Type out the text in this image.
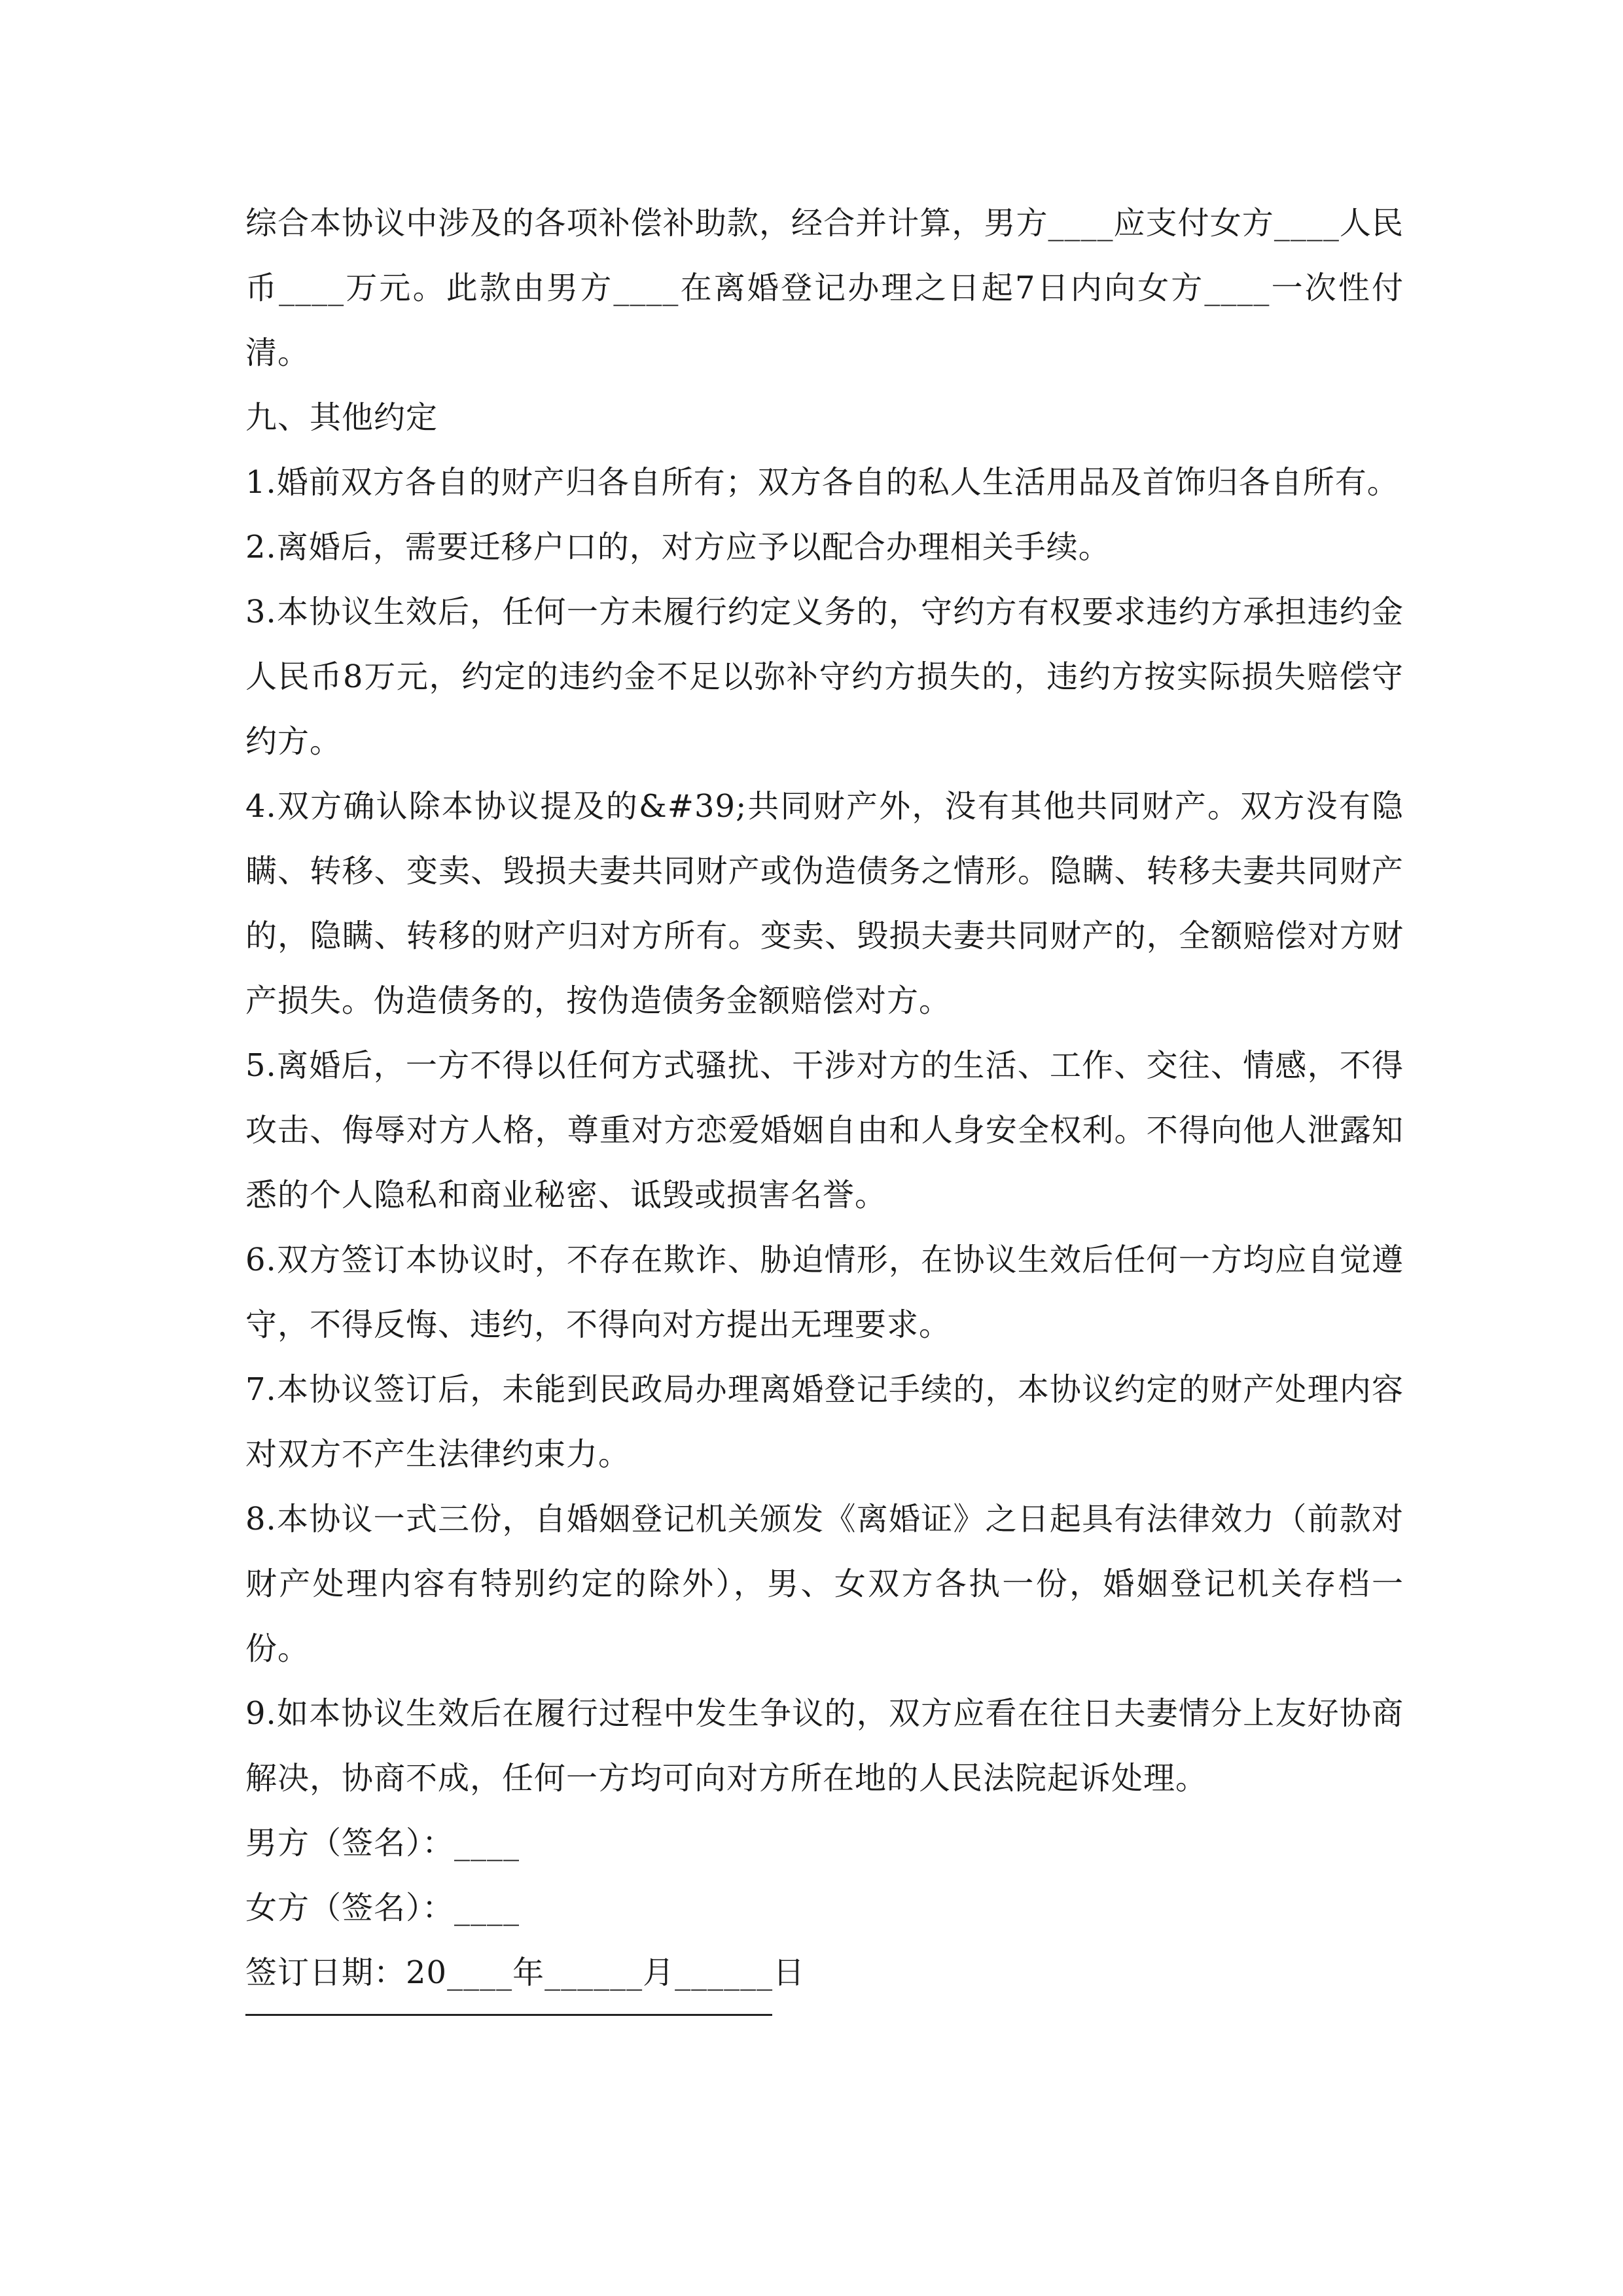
综合本协议中涉及的各项补偿补助款，经合并计算，男方____应支付女方____人民币____万元。此款由男方____在离婚登记办理之日起7日内向女方____一次性付清。

九、其他约定

1.婚前双方各自的财产归各自所有；双方各自的私人生活用品及首饰归各自所有。

2.离婚后，需要迁移户口的，对方应予以配合办理相关手续。

3.本协议生效后，任何一方未履行约定义务的，守约方有权要求违约方承担违约金人民币8万元，约定的违约金不足以弥补守约方损失的，违约方按实际损失赔偿守约方。

4.双方确认除本协议提及的&#39;共同财产外，没有其他共同财产。双方没有隐瞒、转移、变卖、毁损夫妻共同财产或伪造债务之情形。隐瞒、转移夫妻共同财产的，隐瞒、转移的财产归对方所有。变卖、毁损夫妻共同财产的，全额赔偿对方财产损失。伪造债务的，按伪造债务金额赔偿对方。

5.离婚后，一方不得以任何方式骚扰、干涉对方的生活、工作、交往、情感，不得攻击、侮辱对方人格，尊重对方恋爱婚姻自由和人身安全权利。不得向他人泄露知悉的个人隐私和商业秘密、诋毁或损害名誉。

6.双方签订本协议时，不存在欺诈、胁迫情形，在协议生效后任何一方均应自觉遵守，不得反悔、违约，不得向对方提出无理要求。

7.本协议签订后，未能到民政局办理离婚登记手续的，本协议约定的财产处理内容对双方不产生法律约束力。

8.本协议一式三份，自婚姻登记机关颁发《离婚证》之日起具有法律效力（前款对财产处理内容有特别约定的除外），男、女双方各执一份，婚姻登记机关存档一份。

9.如本协议生效后在履行过程中发生争议的，双方应看在往日夫妻情分上友好协商解决，协商不成，任何一方均可向对方所在地的人民法院起诉处理。

男方（签名）：____

女方（签名）：____

签订日期：20____年______月______日
